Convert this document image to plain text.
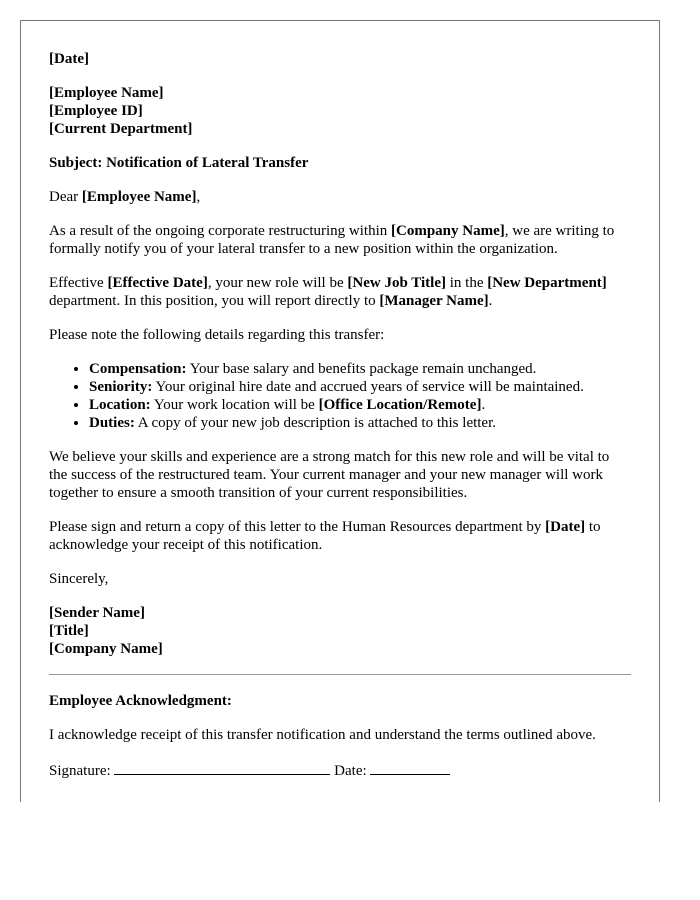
[Date]

[Employee Name]

[Employee ID]

[Current Department]

Subject: Notification of Lateral Transfer

Dear [Employee Name],

As a result of the ongoing corporate restructuring within [Company Name], we are writing to formally notify you of your lateral transfer to a new position within the organization.

Effective [Effective Date], your new role will be [New Job Title] in the [New Department] department. In this position, you will report directly to [Manager Name].

Please note the following details regarding this transfer:

• Compensation: Your base salary and benefits package remain unchanged.
• Seniority: Your original hire date and accrued years of service will be maintained.
• Location: Your work location will be [Office Location/Remote].
• Duties: A copy of your new job description is attached to this letter.

We believe your skills and experience are a strong match for this new role and will be vital to the success of the restructured team. Your current manager and your new manager will work together to ensure a smooth transition of your current responsibilities.

Please sign and return a copy of this letter to the Human Resources department by [Date] to acknowledge your receipt of this notification.

Sincerely,

[Sender Name]

[Title]

[Company Name]

Employee Acknowledgment:

I acknowledge receipt of this transfer notification and understand the terms outlined above.

Signature:	Date:
